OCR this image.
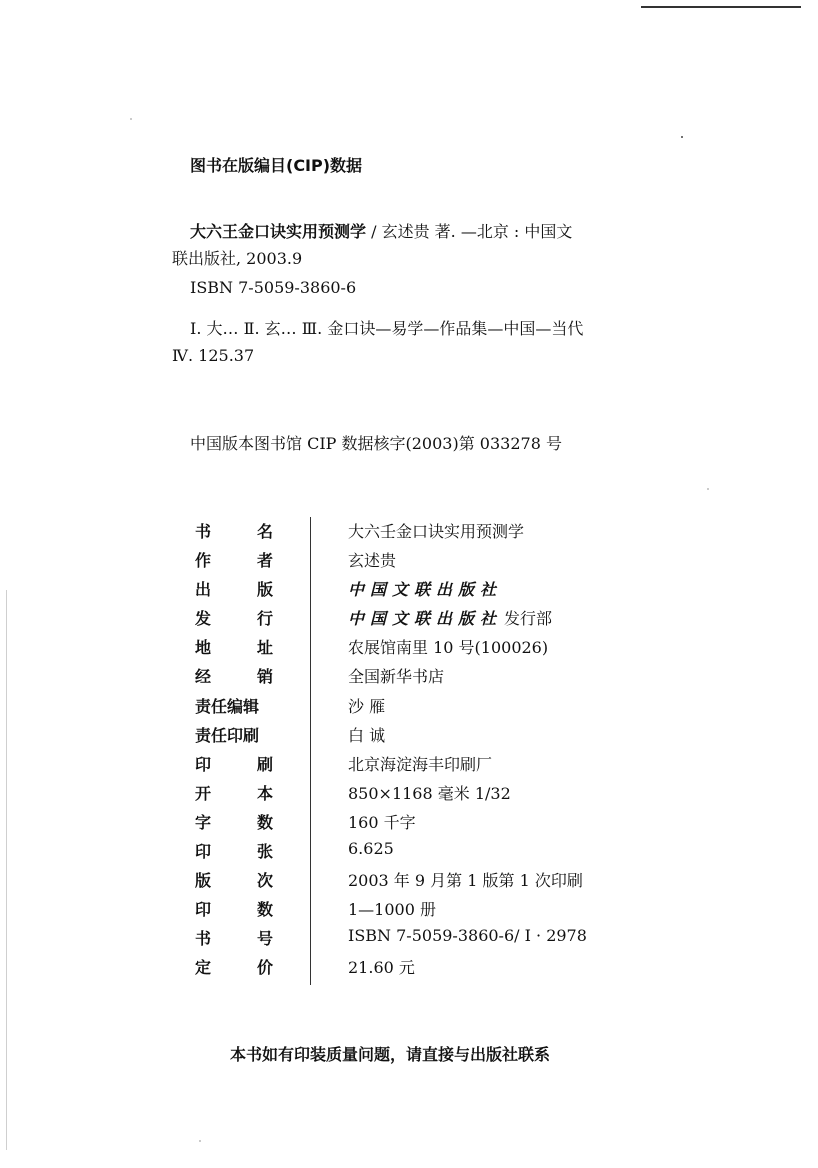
图书在版编目(CIP)数据
大六王金口诀实用预测学 / 玄述贵 著. —北京 : 中国文
联出版社, 2003.9
ISBN 7-5059-3860-6
Ⅰ. 大… Ⅱ. 玄… Ⅲ. 金口诀—易学—作品集—中国—当代
Ⅳ. 125.37
中国版本图书馆 CIP 数据核字(2003)第 033278 号
书	名	大六壬金口诀实用预测学
作	者	玄述贵
出	版	中国文联出版社
发	行	中国文联出版社 发行部
地	址	农展馆南里 10 号(100026)
经	销	全国新华书店
责任编辑	沙 雁
责任印刷	白 诚
印	刷	北京海淀海丰印刷厂
开	本	850×1168 毫米 1/32
字	数	160 千字
印	张	6.625
版	次	2003 年 9 月第 1 版第 1 次印刷
印	数	1—1000 册
书	号	ISBN 7-5059-3860-6/ I · 2978
定	价	21.60 元
本书如有印装质量问题，请直接与出版社联系
